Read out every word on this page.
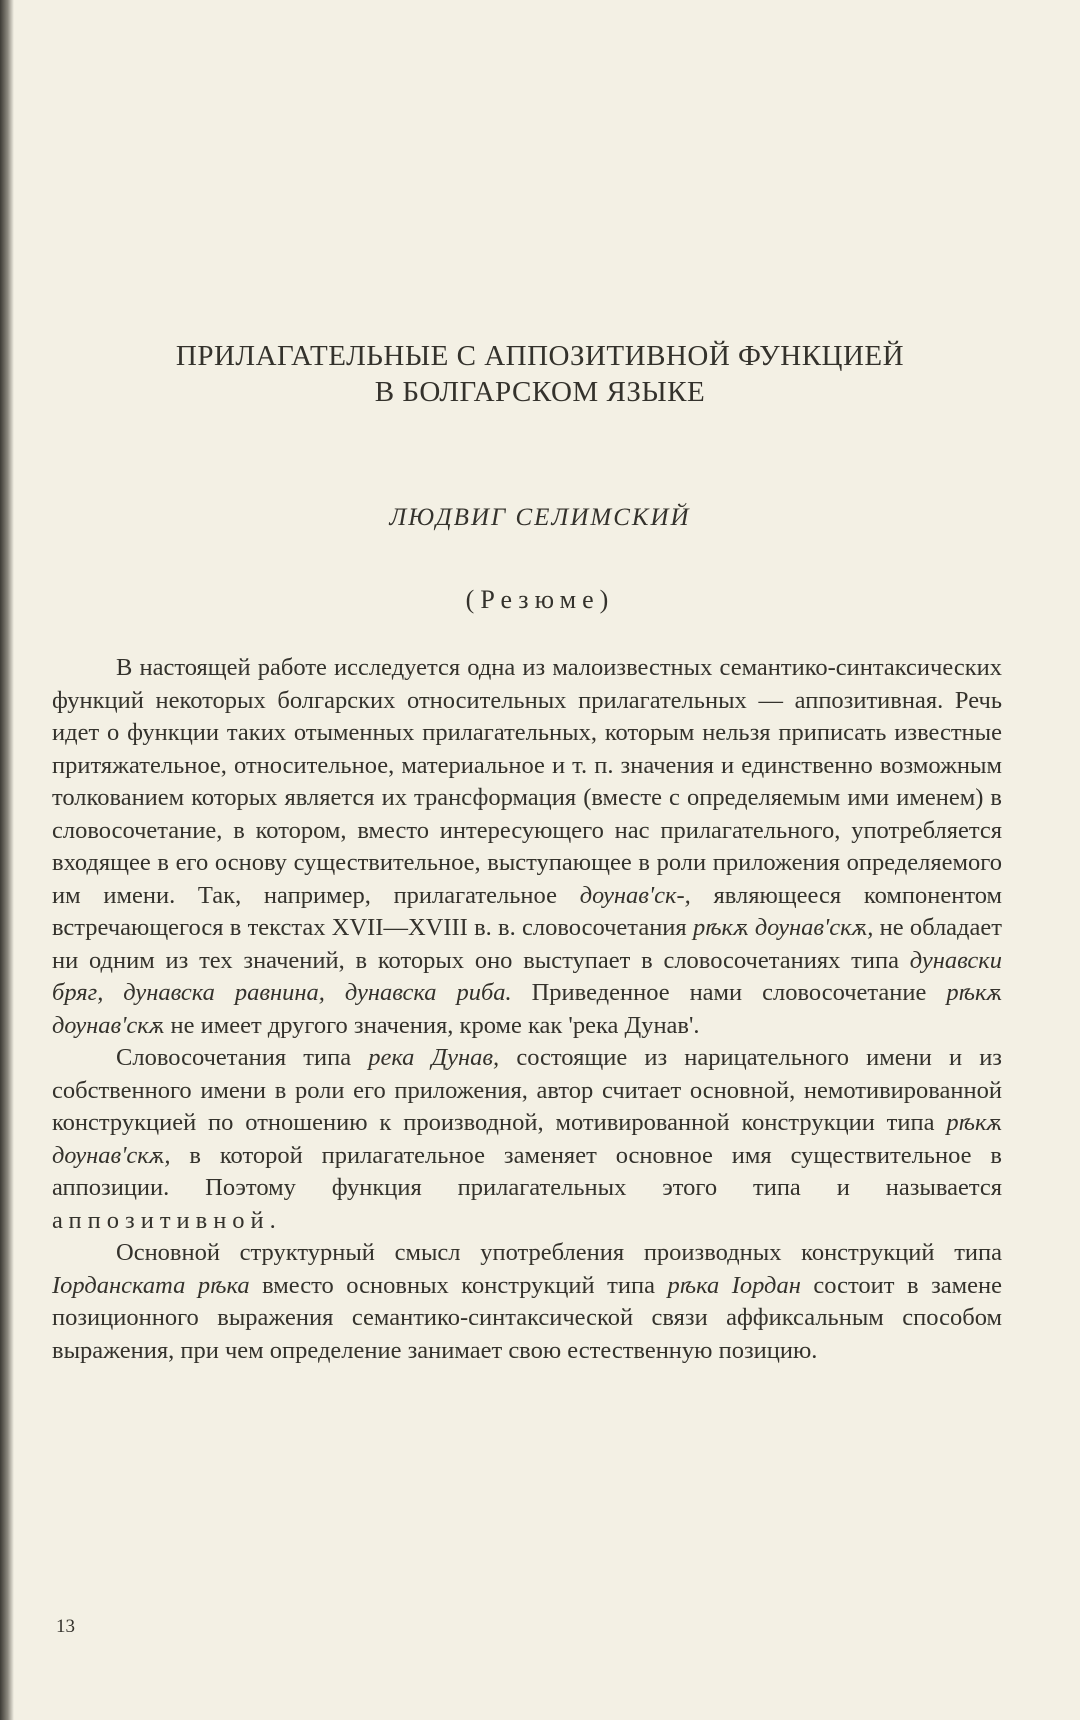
ПРИЛАГАТЕЛЬНЫЕ С АППОЗИТИВНОЙ ФУНКЦИЕЙ
В БОЛГАРСКОМ ЯЗЫКЕ
ЛЮДВИГ СЕЛИМСКИЙ
(Резюме)

В настоящей работе исследуется одна из малоизвестных семантико-синтаксических функций некоторых болгарских относительных прилагательных — аппозитивная. Речь идет о функции таких отыменных прилагательных, которым нельзя приписать известные притяжательное, относительное, материальное и т. п. значения и единственно возможным толкованием которых является их трансформация (вместе с определяемым ими именем) в словосочетание, в котором, вместо интересующего нас прилагательного, употребляется входящее в его основу существительное, выступающее в роли приложения определяемого им имени. Так, например, прилагательное дѹнав'ск-, являющееся компонентом встречающегося в текстах XVII—XVIII в. в. словосочетания рѣкѫ дѹнав'скѫ, не обладает ни одним из тех значений, в которых оно выступает в словосочетаниях типа дунавски бряг, дунавска равнина, дунавска риба. Приведенное нами словосочетание рѣкѫ дѹнав'скѫ не имеет другого значения, кроме как 'река Дунав'.

Словосочетания типа река Дунав, состоящие из нарицательного имени и из собственного имени в роли его приложения, автор считает основной, немотивированной конструкцией по отношению к производной, мотивированной конструкции типа рѣкѫ дѹнав'скѫ, в которой прилагательное заменяет основное имя существительное в аппозиции. Поэтому функция прилагательных этого типа и называется аппозитивной.

Основной структурный смысл употребления производных конструкций типа Iорданската рѣка вместо основных конструкций типа рѣка Iордан состоит в замене позиционного выражения семантико-синтаксической связи аффиксальным способом выражения, при чем определение занимает свою естественную позицию.

13
